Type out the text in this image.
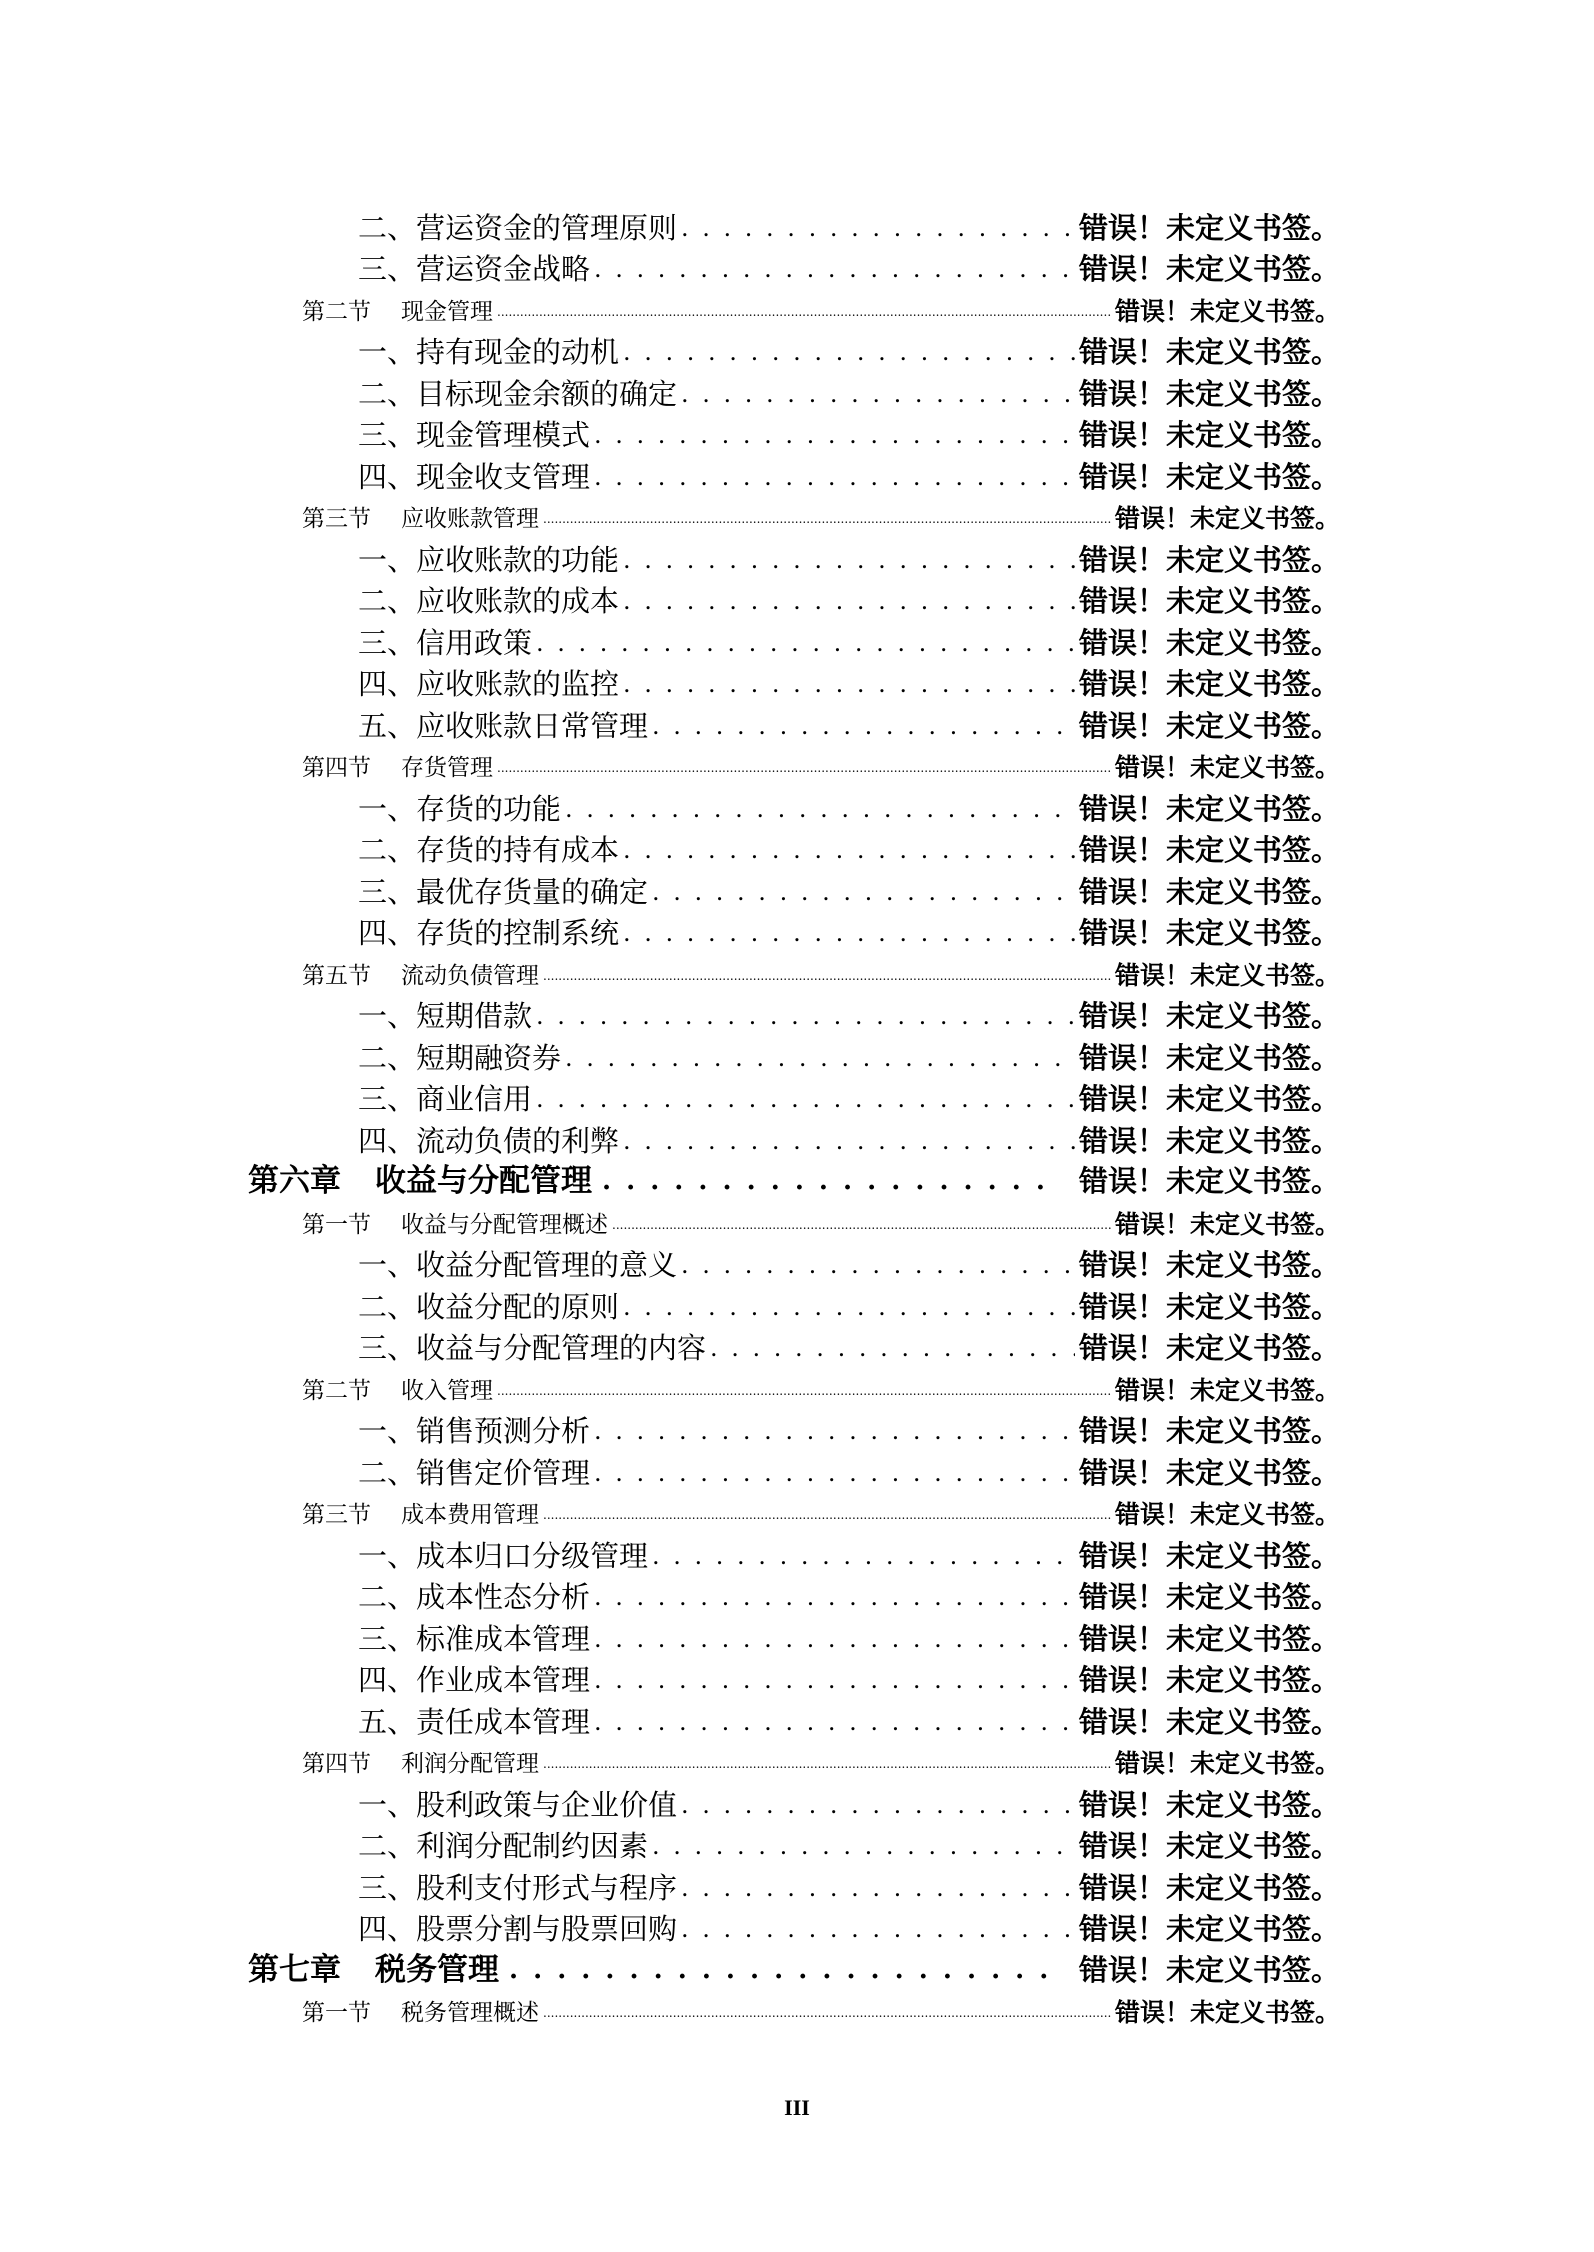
二、营运资金的管理原则 . . .	错误！未定义书签。
三、营运资金战略 . . .	错误！未定义书签。
第二节 现金管理 .....	错误！未定义书签。
一、持有现金的动机 . . .	错误！未定义书签。
二、目标现金余额的确定 . . .	错误！未定义书签。
三、现金管理模式 . . .	错误！未定义书签。
四、现金收支管理 . . .	错误！未定义书签。
第三节 应收账款管理 .....	错误！未定义书签。
一、应收账款的功能 . . .	错误！未定义书签。
二、应收账款的成本 . . .	错误！未定义书签。
三、信用政策 . . .	错误！未定义书签。
四、应收账款的监控 . . .	错误！未定义书签。
五、应收账款日常管理 . . .	错误！未定义书签。
第四节 存货管理 .....	错误！未定义书签。
一、存货的功能 . . .	错误！未定义书签。
二、存货的持有成本 . . .	错误！未定义书签。
三、最优存货量的确定 . . .	错误！未定义书签。
四、存货的控制系统 . . .	错误！未定义书签。
第五节 流动负债管理 .....	错误！未定义书签。
一、短期借款 . . .	错误！未定义书签。
二、短期融资券 . . .	错误！未定义书签。
三、商业信用 . . .	错误！未定义书签。
四、流动负债的利弊 . . .	错误！未定义书签。
第六章 收益与分配管理 . . .	错误！未定义书签。
第一节 收益与分配管理概述 .....	错误！未定义书签。
一、收益分配管理的意义 . . .	错误！未定义书签。
二、收益分配的原则 . . .	错误！未定义书签。
三、收益与分配管理的内容 . . .	错误！未定义书签。
第二节 收入管理 .....	错误！未定义书签。
一、销售预测分析 . . .	错误！未定义书签。
二、销售定价管理 . . .	错误！未定义书签。
第三节 成本费用管理 .....	错误！未定义书签。
一、成本归口分级管理 . . .	错误！未定义书签。
二、成本性态分析 . . .	错误！未定义书签。
三、标准成本管理 . . .	错误！未定义书签。
四、作业成本管理 . . .	错误！未定义书签。
五、责任成本管理 . . .	错误！未定义书签。
第四节 利润分配管理 .....	错误！未定义书签。
一、股利政策与企业价值 . . .	错误！未定义书签。
二、利润分配制约因素 . . .	错误！未定义书签。
三、股利支付形式与程序 . . .	错误！未定义书签。
四、股票分割与股票回购 . . .	错误！未定义书签。
第七章 税务管理 . . .	错误！未定义书签。
第一节 税务管理概述 .....	错误！未定义书签。
III
